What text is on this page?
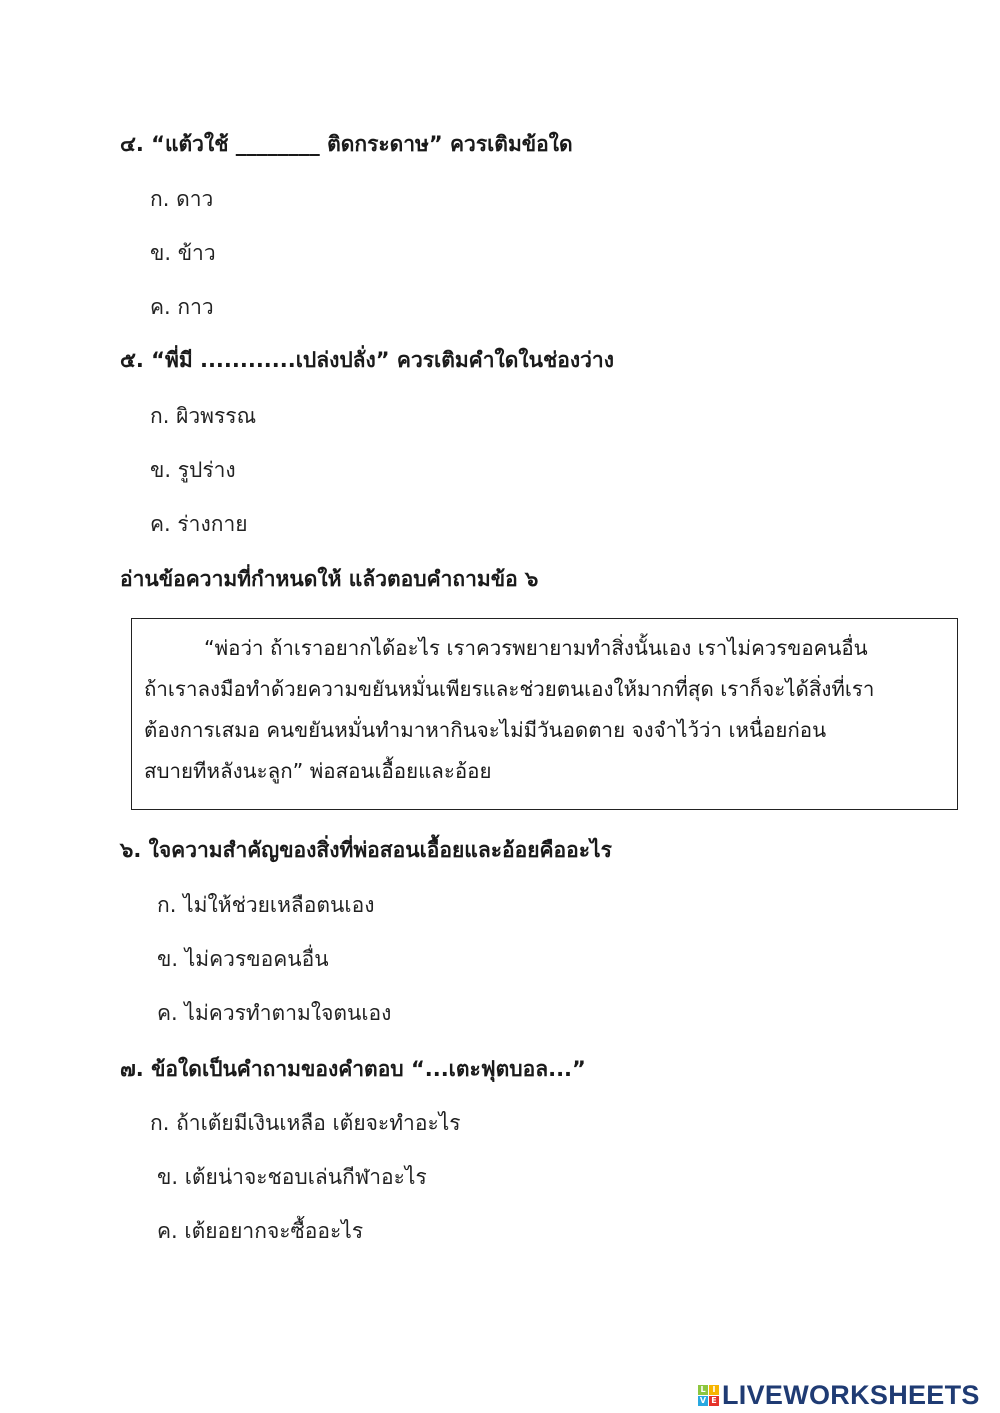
๔. “แต้วใช้ ________ ติดกระดาษ” ควรเติมข้อใด
ก. ดาว
ข. ข้าว
ค. กาว
๕. “พี่มี ............เปล่งปลั่ง” ควรเติมคำใดในช่องว่าง
ก. ผิวพรรณ
ข. รูปร่าง
ค. ร่างกาย
อ่านข้อความที่กำหนดให้ แล้วตอบคำถามข้อ ๖
“พ่อว่า ถ้าเราอยากได้อะไร เราควรพยายามทำสิ่งนั้นเอง เราไม่ควรขอคนอื่น
ถ้าเราลงมือทำด้วยความขยันหมั่นเพียรและช่วยตนเองให้มากที่สุด เราก็จะได้สิ่งที่เรา
ต้องการเสมอ คนขยันหมั่นทำมาหากินจะไม่มีวันอดตาย จงจำไว้ว่า เหนื่อยก่อน
สบายทีหลังนะลูก” พ่อสอนเอื้อยและอ้อย
๖. ใจความสำคัญของสิ่งที่พ่อสอนเอื้อยและอ้อยคืออะไร
ก. ไม่ให้ช่วยเหลือตนเอง
ข. ไม่ควรขอคนอื่น
ค. ไม่ควรทำตามใจตนเอง
๗. ข้อใดเป็นคำถามของคำตอบ “...เตะฟุตบอล...”
ก. ถ้าเต้ยมีเงินเหลือ เต้ยจะทำอะไร
ข. เต้ยน่าจะชอบเล่นกีฬาอะไร
ค. เต้ยอยากจะซื้ออะไร
L I
V E LIVEWORKSHEETS
